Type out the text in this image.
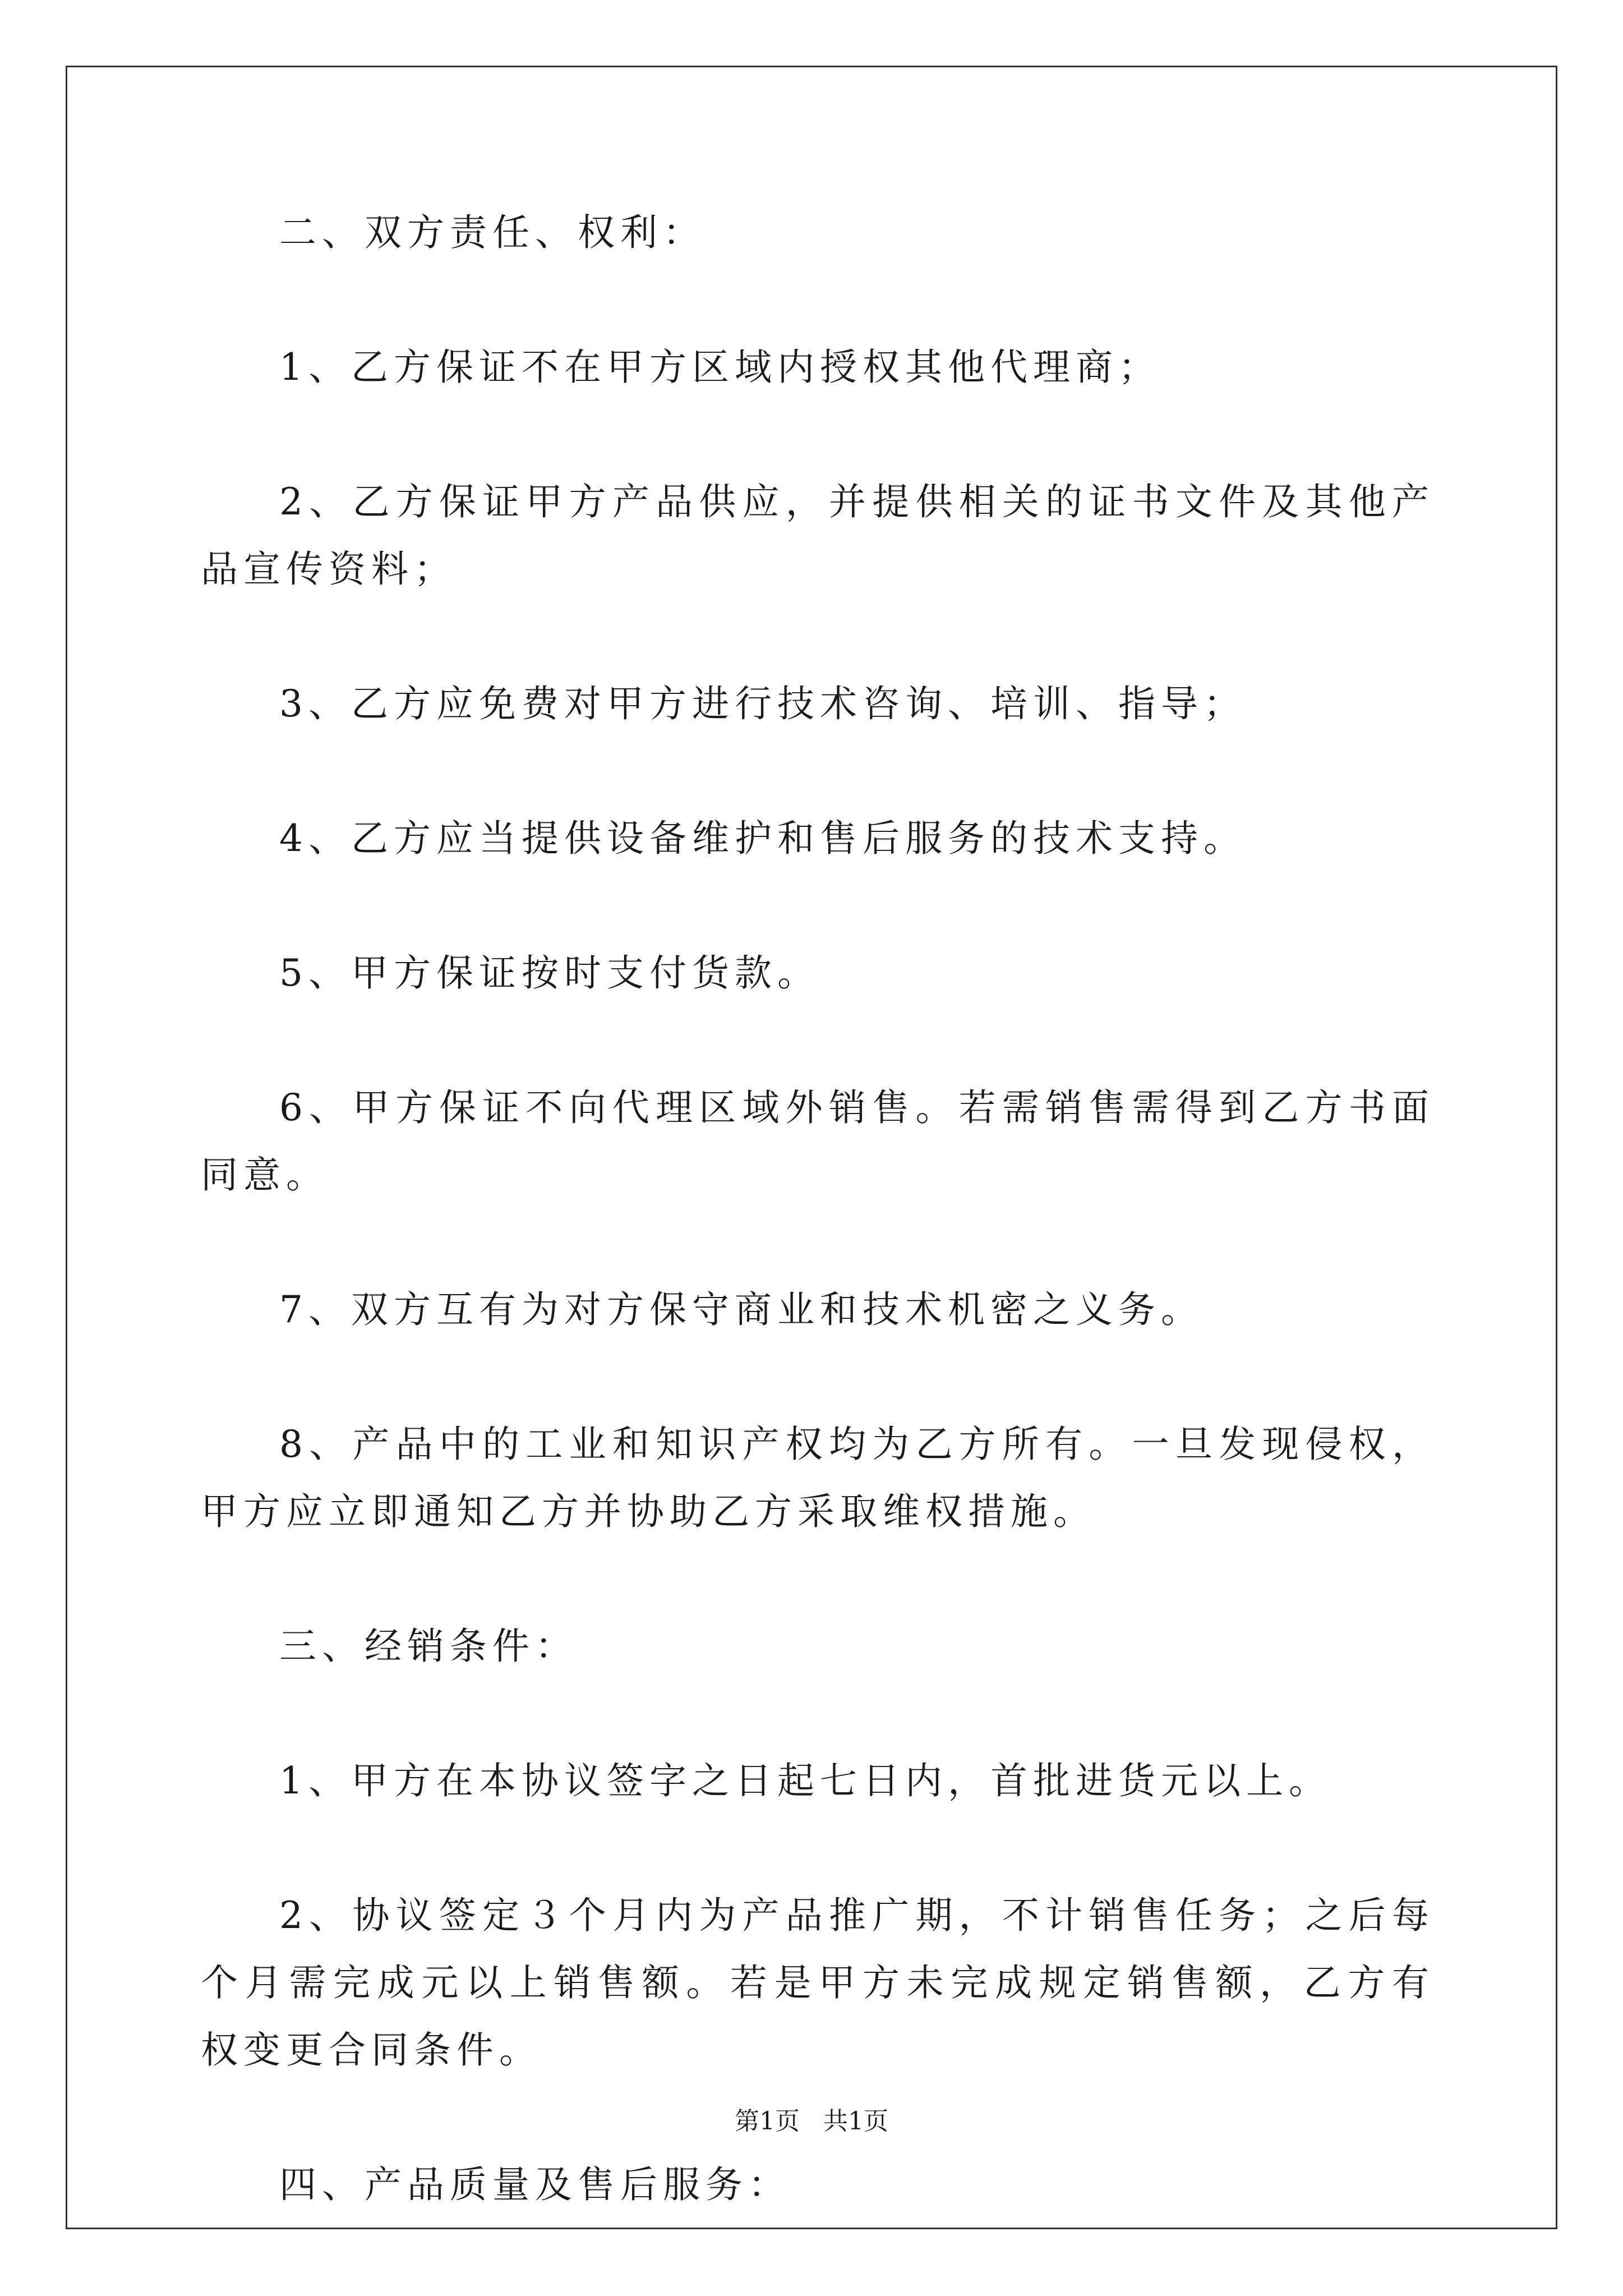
二、双方责任、权利：

1、乙方保证不在甲方区域内授权其他代理商；

2、乙方保证甲方产品供应，并提供相关的证书文件及其他产品宣传资料；

3、乙方应免费对甲方进行技术咨询、培训、指导；

4、乙方应当提供设备维护和售后服务的技术支持。

5、甲方保证按时支付货款。

6、甲方保证不向代理区域外销售。若需销售需得到乙方书面同意。

7、双方互有为对方保守商业和技术机密之义务。

8、产品中的工业和知识产权均为乙方所有。一旦发现侵权，甲方应立即通知乙方并协助乙方采取维权措施。

三、经销条件：

1、甲方在本协议签字之日起七日内，首批进货元以上。

2、协议签定３个月内为产品推广期，不计销售任务；之后每个月需完成元以上销售额。若是甲方未完成规定销售额，乙方有权变更合同条件。

四、产品质量及售后服务：

第1页 共1页
